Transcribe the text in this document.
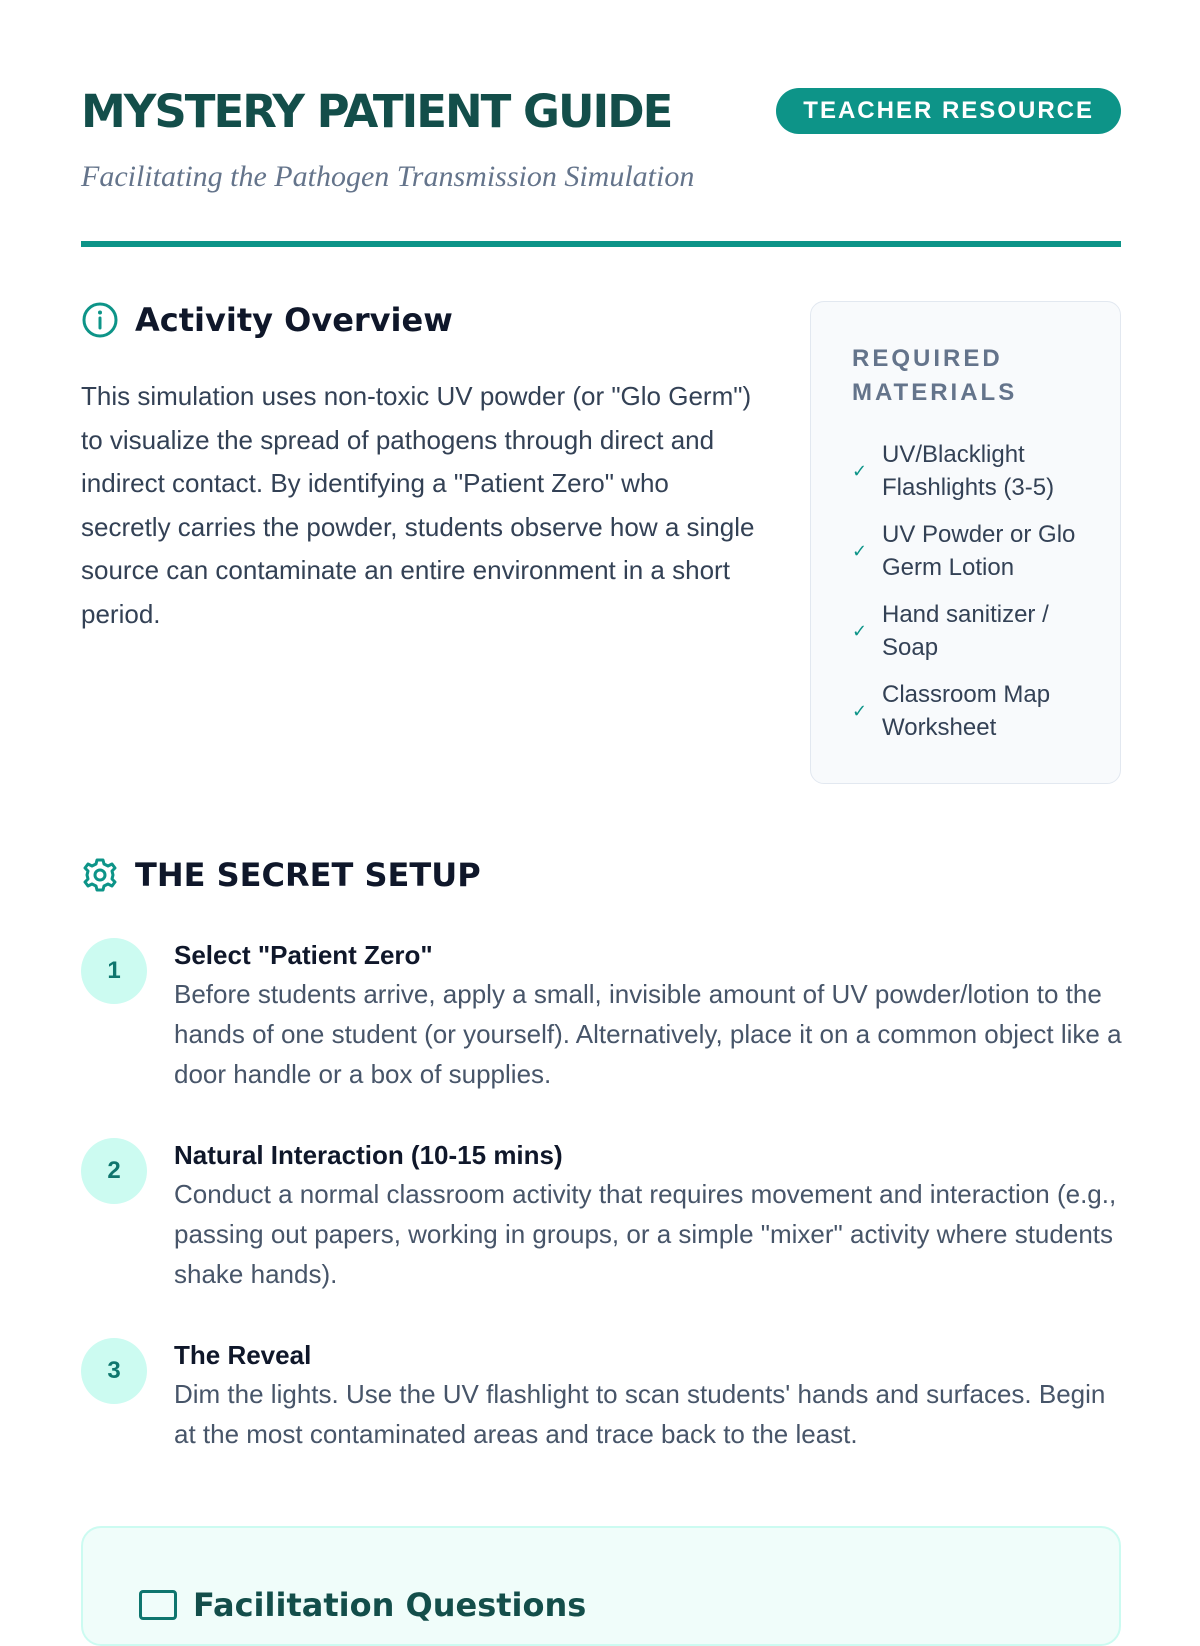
MYSTERY PATIENT GUIDE	TEACHER RESOURCE

Facilitating the Pathogen Transmission Simulation

Activity Overview

This simulation uses non-toxic UV powder (or "Glo Germ") to visualize the spread of pathogens through direct and indirect contact. By identifying a "Patient Zero" who secretly carries the powder, students observe how a single source can contaminate an entire environment in a short period.

REQUIRED MATERIALS
✓
UV/Blacklight Flashlights (3-5)
✓
UV Powder or Glo Germ Lotion
✓
Hand sanitizer / Soap
✓
Classroom Map Worksheet
THE SECRET SETUP
1
Select "Patient Zero"

Before students arrive, apply a small, invisible amount of UV powder/lotion to the hands of one student (or yourself). Alternatively, place it on a common object like a door handle or a box of supplies.

2
Natural Interaction (10-15 mins)

Conduct a normal classroom activity that requires movement and interaction (e.g., passing out papers, working in groups, or a simple "mixer" activity where students shake hands).

3
The Reveal

Dim the lights. Use the UV flashlight to scan students' hands and surfaces. Begin at the most contaminated areas and trace back to the least.

Facilitation Questions
